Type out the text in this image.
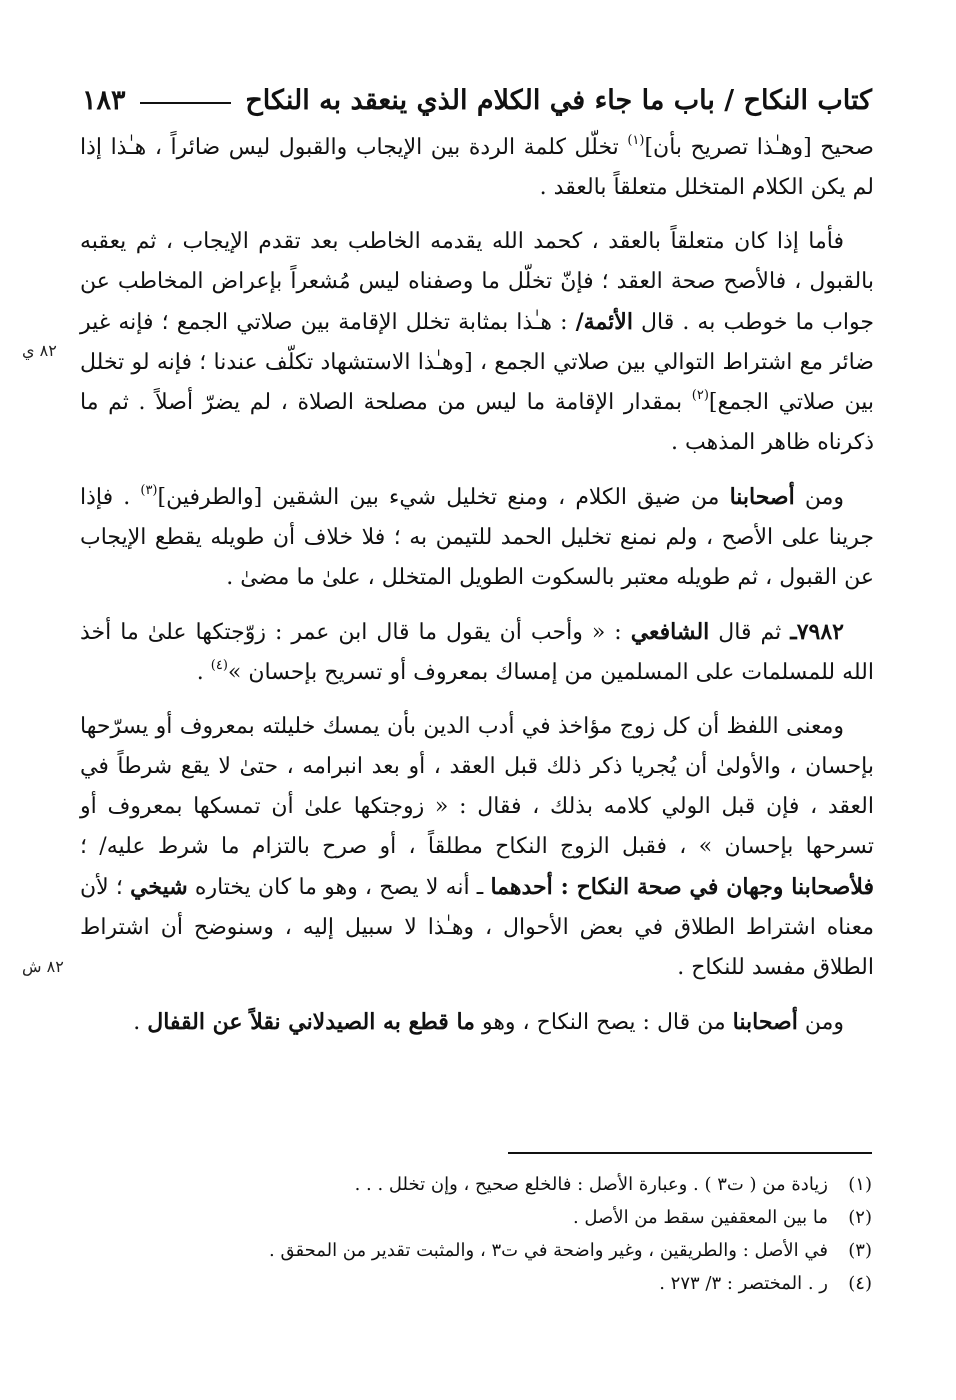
كتاب النكاح / باب ما جاء في الكلام الذي ينعقد به النكاح
١٨٣
٨٢ ي
٨٢ ش

صحيح [وهـٰذا تصريح بأن]$^{(١)}$ تخلّل كلمة الردة بين الإيجاب والقبول ليس ضائراً ، هـٰذا إذا لم يكن الكلام المتخلل متعلقاً بالعقد .

فأما إذا كان متعلقاً بالعقد ، كحمد الله يقدمه الخاطب بعد تقدم الإيجاب ، ثم يعقبه بالقبول ، فالأصح صحة العقد ؛ فإنّ تخلّل ما وصفناه ليس مُشعراً بإعراض المخاطب عن جواب ما خوطب به . قال الأئمة/ : هـٰذا بمثابة تخلل الإقامة بين صلاتي الجمع ؛ فإنه غير ضائر مع اشتراط التوالي بين صلاتي الجمع ، [وهـٰذا الاستشهاد تكلّف عندنا ؛ فإنه لو تخلل بين صلاتي الجمع]$^{(٢)}$ بمقدار الإقامة ما ليس من مصلحة الصلاة ، لم يضرّ أصلاً . ثم ما ذكرناه ظاهر المذهب .

ومن أصحابنا من ضيق الكلام ، ومنع تخليل شيء بين الشقين [والطرفين]$^{(٣)}$ . فإذا جرينا على الأصح ، ولم نمنع تخليل الحمد للتيمن به ؛ فلا خلاف أن طويله يقطع الإيجاب عن القبول ، ثم طويله معتبر بالسكوت الطويل المتخلل ، علىٰ ما مضىٰ .

٧٩٨٢ـ ثم قال الشافعي : « وأحب أن يقول ما قال ابن عمر : زوّجتكها علىٰ ما أخذ الله للمسلمات على المسلمين من إمساك بمعروف أو تسريح بإحسان »$^{(٤)}$ .

ومعنى اللفظ أن كل زوج مؤاخذ في أدب الدين بأن يمسك خليلته بمعروف أو يسرّحها بإحسان ، والأولىٰ أن يُجريا ذكر ذلك قبل العقد ، أو بعد انبرامه ، حتىٰ لا يقع شرطاً في العقد ، فإن قبل الولي كلامه بذلك ، فقال : « زوجتكها علىٰ أن تمسكها بمعروف أو تسرحها بإحسان » ، فقبل الزوج النكاح مطلقاً ، أو صرح بالتزام ما شرط عليه/ ؛ فلأصحابنا وجهان في صحة النكاح : أحدهما ـ أنه لا يصح ، وهو ما كان يختاره شيخي ؛ لأن معناه اشتراط الطلاق في بعض الأحوال ، وهـٰذا لا سبيل إليه ، وسنوضح أن اشتراط الطلاق مفسد للنكاح .

ومن أصحابنا من قال : يصح النكاح ، وهو ما قطع به الصيدلاني نقلاً عن القفال .

(١)
زيادة من ( ت٣ ) . وعبارة الأصل : فالخلع صحيح ، وإن تخلل . . .
(٢)
ما بين المعقفين سقط من الأصل .
(٣)
في الأصل : والطريقين ، وغير واضحة في ت٣ ، والمثبت تقدير من المحقق .
(٤)
ر . المختصر : ٣/ ٢٧٣ .
